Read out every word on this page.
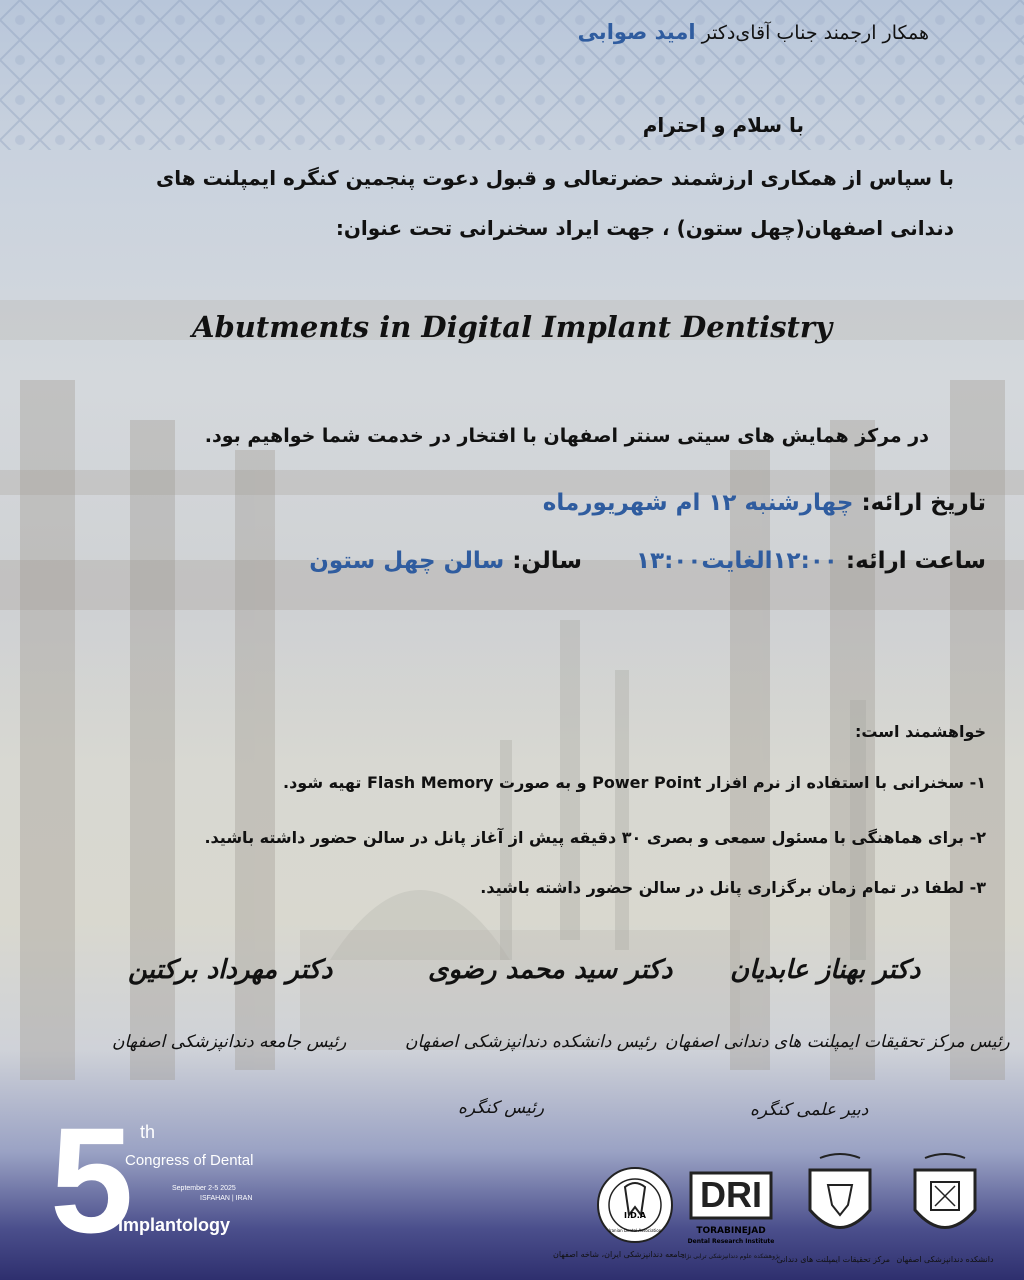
همکار ارجمند جناب آقای‌دکتر امید صوابی
با سلام و احترام
با سپاس از همکاری ارزشمند حضرتعالی و قبول دعوت پنجمین کنگره ایمپلنت های
دندانی اصفهان(چهل ستون) ، جهت ایراد سخنرانی تحت عنوان:
Abutments in Digital Implant Dentistry
در مرکز همایش های سیتی سنتر اصفهان با افتخار در خدمت شما خواهیم بود.
تاریخ ارائه: چهارشنبه ۱۲ ام شهریورماه
ساعت ارائه: ۱۲:۰۰الغایت۱۳:۰۰
سالن: سالن چهل ستون
خواهشمند است:
۱- سخنرانی با استفاده از نرم افزار Power Point و به صورت Flash Memory تهیه شود.
۲- برای هماهنگی با مسئول سمعی و بصری ۳۰ دقیقه پیش از آغاز پانل در سالن حضور داشته باشید.
۳- لطفا در تمام زمان برگزاری پانل در سالن حضور داشته باشید.
دکتر بهناز عابدیان
رئیس مرکز تحقیقات ایمپلنت های دندانی اصفهان
دبیر علمی کنگره
دکتر سید محمد رضوی
رئیس دانشکده دندانپزشکی اصفهان
رئیس کنگره
دکتر مهرداد برکتین
رئیس جامعه دندانپزشکی اصفهان
5 th
Congress of Dental
September 2-5 2025
ISFAHAN | IRAN
Implantology	I.D.A
Iranian Dental Association
جامعه دندانپزشکی ایران، شاخه اصفهان
DRI
TORABINEJAD
Dental Research Institute
پژوهشکده علوم دندانپزشکی ترابی نژاد
مرکز تحقیقات ایمپلنت های دندانی دانشکده دندانپزشکی اصفهان
